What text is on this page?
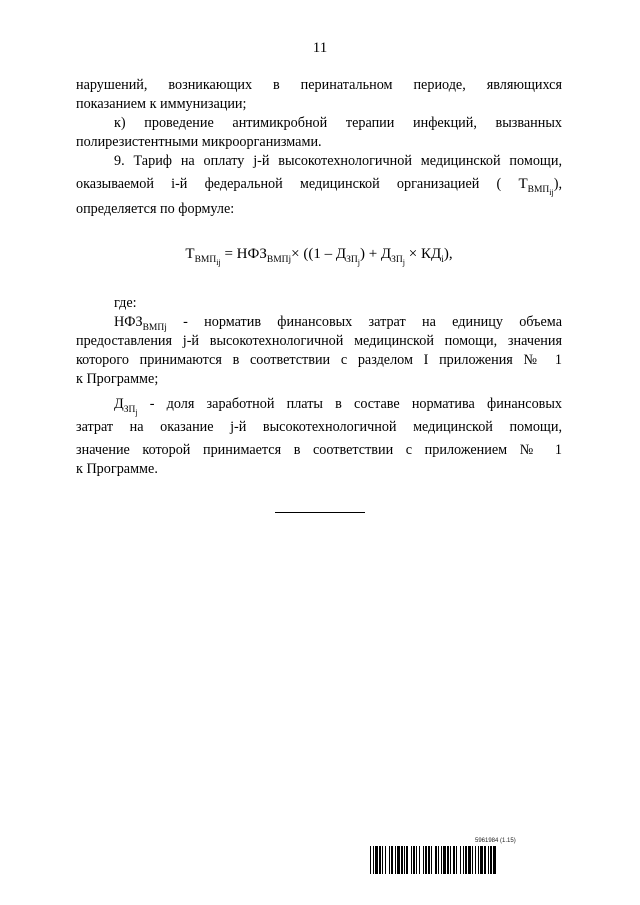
11
нарушений, возникающих в перинатальном периоде, являющихся
показанием к иммунизации;
к) проведение антимикробной терапии инфекций, вызванных
полирезистентными микроорганизмами.
9. Тариф на оплату j-й высокотехнологичной медицинской помощи,
оказываемой i-й федеральной медицинской организацией ( $Т_{ВМП_{ij}}$),
определяется по формуле:
$Т_{ВМП_{ij}} = НФЗ_{ВМПj}\times ((1 - Д_{ЗП_j}) + Д_{ЗП_j} \times КД_i)$,
где:
$НФЗ_{ВМПj}$ - норматив финансовых затрат на единицу объема
предоставления j-й высокотехнологичной медицинской помощи, значения
которого принимаются в соответствии с разделом I приложения № 1
к Программе;
$Д_{ЗП_j}$ - доля заработной платы в составе норматива финансовых
затрат на оказание j-й высокотехнологичной медицинской помощи,
значение которой принимается в соответствии с приложением № 1
к Программе.
5961984 (1.15)
